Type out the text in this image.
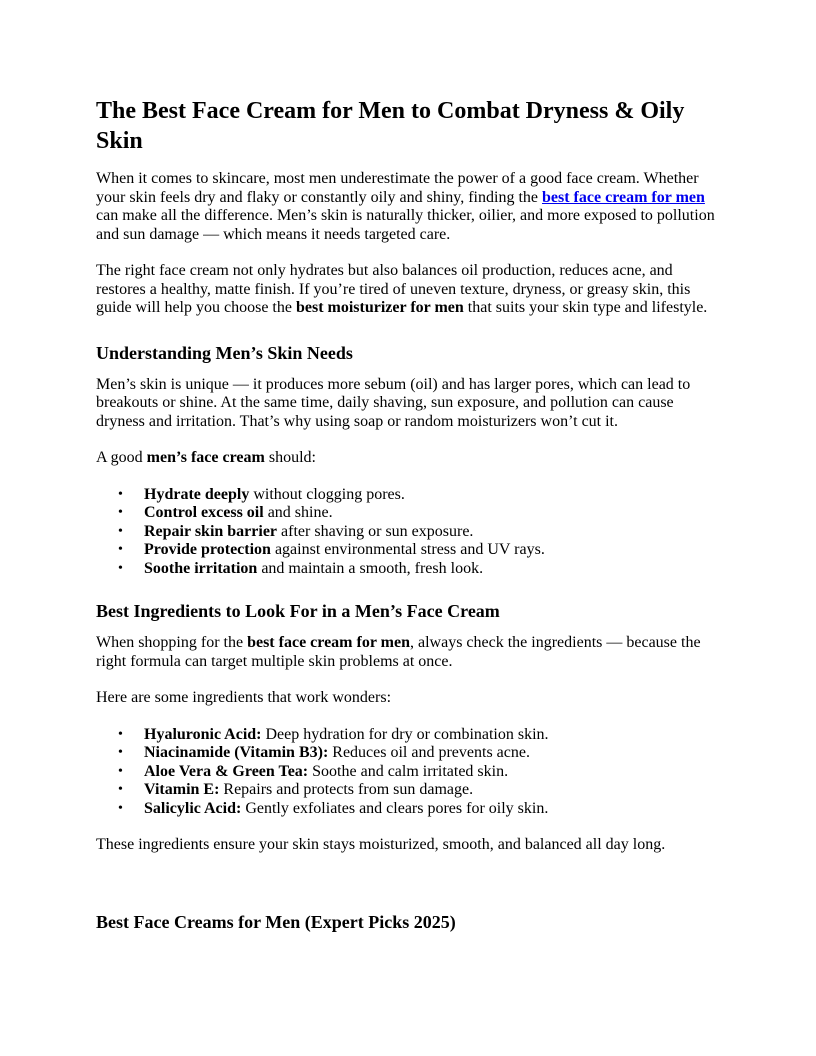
The Best Face Cream for Men to Combat Dryness & Oily Skin

When it comes to skincare, most men underestimate the power of a good face cream. Whether your skin feels dry and flaky or constantly oily and shiny, finding the best face cream for men can make all the difference. Men’s skin is naturally thicker, oilier, and more exposed to pollution and sun damage — which means it needs targeted care.

The right face cream not only hydrates but also balances oil production, reduces acne, and restores a healthy, matte finish. If you’re tired of uneven texture, dryness, or greasy skin, this guide will help you choose the best moisturizer for men that suits your skin type and lifestyle.

Understanding Men’s Skin Needs

Men’s skin is unique — it produces more sebum (oil) and has larger pores, which can lead to breakouts or shine. At the same time, daily shaving, sun exposure, and pollution can cause dryness and irritation. That’s why using soap or random moisturizers won’t cut it.

A good men’s face cream should:

• Hydrate deeply without clogging pores.
• Control excess oil and shine.
• Repair skin barrier after shaving or sun exposure.
• Provide protection against environmental stress and UV rays.
• Soothe irritation and maintain a smooth, fresh look.
Best Ingredients to Look For in a Men’s Face Cream

When shopping for the best face cream for men, always check the ingredients — because the right formula can target multiple skin problems at once.

Here are some ingredients that work wonders:

• Hyaluronic Acid: Deep hydration for dry or combination skin.
• Niacinamide (Vitamin B3): Reduces oil and prevents acne.
• Aloe Vera & Green Tea: Soothe and calm irritated skin.
• Vitamin E: Repairs and protects from sun damage.
• Salicylic Acid: Gently exfoliates and clears pores for oily skin.

These ingredients ensure your skin stays moisturized, smooth, and balanced all day long.

Best Face Creams for Men (Expert Picks 2025)
